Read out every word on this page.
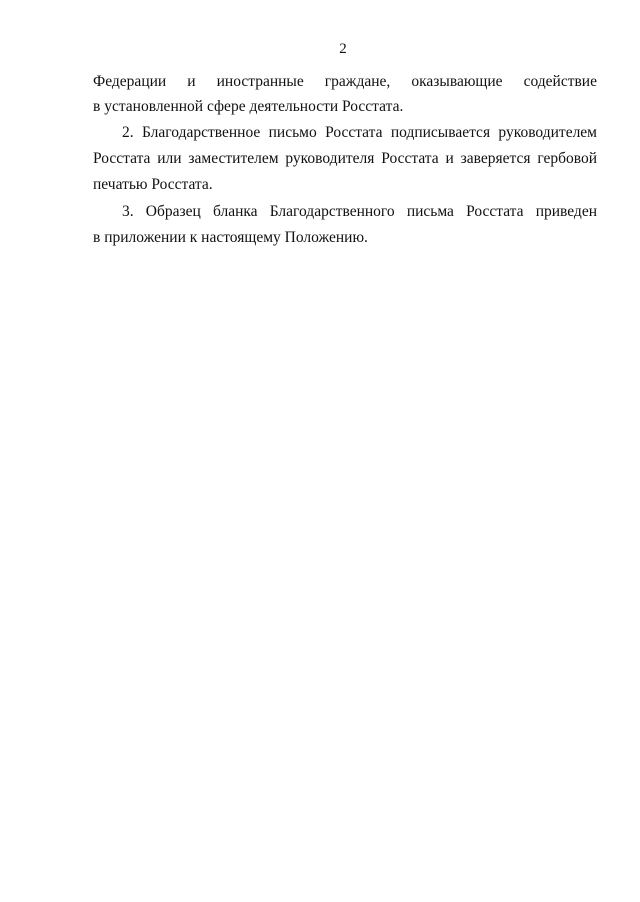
2
Федерации и иностранные граждане, оказывающие содействие
в установленной сфере деятельности Росстата.
2. Благодарственное письмо Росстата подписывается руководителем
Росстата или заместителем руководителя Росстата и заверяется гербовой
печатью Росстата.
3. Образец бланка Благодарственного письма Росстата приведен
в приложении к настоящему Положению.
